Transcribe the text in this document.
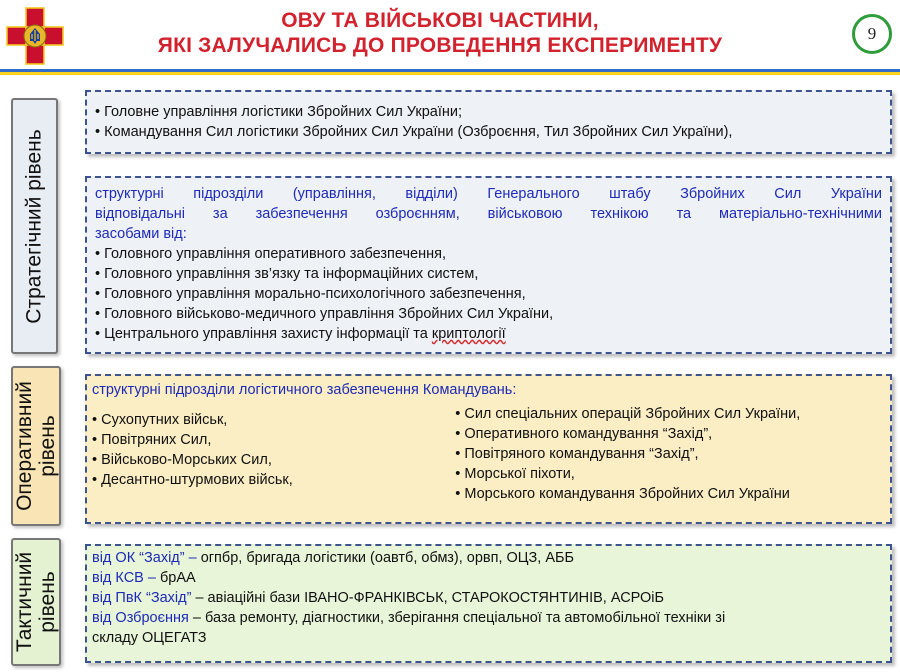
ОВУ ТА ВІЙСЬКОВІ ЧАСТИНИ,
ЯКІ ЗАЛУЧАЛИСЬ ДО ПРОВЕДЕННЯ ЕКСПЕРИМЕНТУ
9
Стратегічний рівень
Оперативний рівень
Тактичний рівень
• Головне управління логістики Збройних Сил України;
• Командування Сил логістики Збройних Сил України (Озброєння, Тил Збройних Сил України),
структурні підрозділи (управління, відділи) Генерального штабу Збройних Сил України
відповідальні за забезпечення озброєнням, військовою технікою та матеріально-технічними
засобами від:
• Головного управління оперативного забезпечення,
• Головного управління зв’язку та інформаційних систем,
• Головного управління морально-психологічного забезпечення,
• Головного військово-медичного управління Збройних Сил України,
• Центрального управління захисту інформації та криптології
структурні підрозділи логістичного забезпечення Командувань:
• Сухопутних військ,
• Повітряних Сил,
• Військово-Морських Сил,
• Десантно-штурмових військ,
• Сил спеціальних операцій Збройних Сил України,
• Оперативного командування “Захід”,
• Повітряного командування “Захід”,
• Морської піхоти,
• Морського командування Збройних Сил України
від ОК “Захід” – огпбр, бригада логістики (оавтб, обмз), орвп, ОЦЗ, АББ
від КСВ – брАА
від ПвК “Захід” – авіаційні бази ІВАНО-ФРАНКІВСЬК, СТАРОКОСТЯНТИНІВ, АСРОіБ
від Озброєння – база ремонту, діагностики, зберігання спеціальної та автомобільної техніки зі
складу ОЦЕГАТЗ
